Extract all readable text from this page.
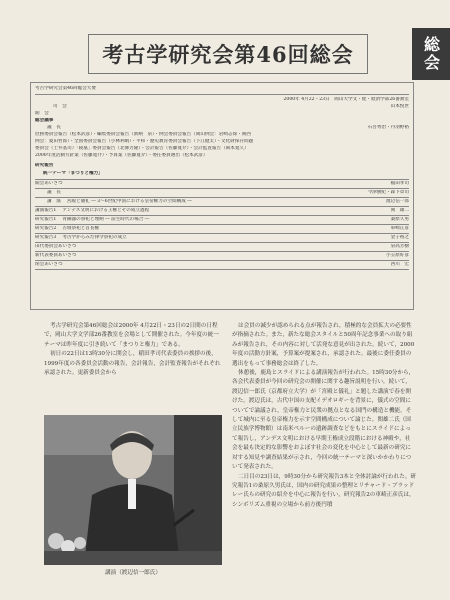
総会
考古学研究会第46回総会
考古学研究会第46回総会大要
2000年 4月22・23日　岡山大学文・経・経済学部26番教室
司　会	山本悦世
開　会
総会議事
議　長	石吾秀治・丹羽野裕
庶務委員会報告（松本武彦）・編集委員会報告（新納　泉）・例会委員会報告（岡山例会：岩崎志保・関西
例会：菱田哲郎）・全国委員会報告（小林利晴）・平和・歴史教育委員会報告（下江健太）・文化財保存問題
委員会（土井基司）「陵墓」委員会報告（北條芳隆）・会計報告（佐藤寛介）・会計監査報告（岡本寛久）
2000年度活動方針案（佐藤寛介）・予算案（佐藤寛介）・委任委員選出（松本武彦）
研究報告
統一テーマ「まつりと権力」
開会あいさつ	稲田孝司
議　長	今津勝紀・森下章司
講　演 宮殿と儀礼 ― 3～6世紀中国における皇帝権力の空間構成 ―	渡辺信一郎
講演報告1 アンデス文明における王権とその成立過程	関　雄二
研究報告1 青銅器の祭祀と埋納 ― 前生時代の場合 ―	桑原久男
研究報告2 古墳祭祀と首長権	車崎正彦
研究報告3 考古学からみた律令祭祀の成立	金子裕之
田代委員会あいさつ	泉高芳樹
新代表委員あいさつ	小笠原好彦
閉会あいさつ	西川　宏

考古学研究会第46回総会は2000年 4月22日・23日の2日間の日程で，岡山大学文学部26番教室を会場として開催された。今年度の統一テーマは昨年度に引き続いて「まつりと権力」である。

初日の22日は13時30分に開会し，稲田孝司代表委員の挨拶の後，1999年度の各委員会活動の報告，会計報告，会計監査報告がそれぞれ承認された。更新委員会から

は会員の減少が認められる点が報告され，積極的な会員拡大の必要性が指摘された。また，新たな総会スタイルと50周年記念事業への取り組みが報告され，その内容に対して活発な意見が出された。続いて，2000年度の活動方針案，予算案が提案され，承認された。最後に委任委員の選出をもって事務総会は終了した。

休憩後，鹿島とスライドによる講演報告が行われた。15時30分から，各会代表委員が今回の研究会の開催に関する趣旨説明を行い，続いて，渡辺信一郎氏（京都府立大学）が「宮殿と儀礼」と題した講演で春を開けた。渡辺氏は，古代中国の支配イデオロギーを背景に，儀式の空間についてで論議され，皇帝権力と民衆の拠点となる国門の構造と機能，そして城内に至る皇帝権力を示す空間構成について論じた。関雄二氏（国立民族学博物館）は南米ペルーの遺跡調査などをもとにスライドによって報告し，アンデス文明における早期王権成立段階における神殿や，社会を最も決定的な影響をおよぼす社会の変化を中心として最新の研究に対する知見や調査結果が示され，今回の統一テーマと深いかかわりについて発表された。

二日目の23日は，9時30分から研究報告3本と全体討論が行われた。研究報告1の桑原久男氏は，国内の研究成果の整理とリチャード・ブラッドレー氏らの研究の紹介を中心に報告を行い，研究報告2の車崎正彦氏は，シンボリズム重視の立場から前方後円墳

講演（渡辺信一郎氏）
